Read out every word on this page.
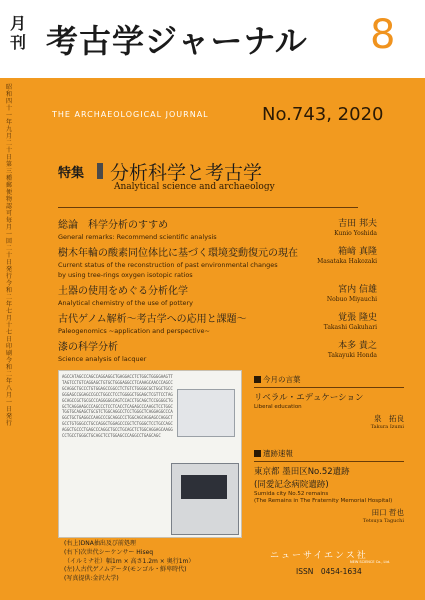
月刊 考古学ジャーナル 8
昭和四十一年九月二十日第三種郵便物認可 毎月一回二十日発行 令和二年七月十七日印刷 令和二年八月一日発行
THE ARCHAEOLOGICAL JOURNAL	No.743, 2020
特集 分析科学と考古学
Analytical science and archaeology
総論　科学分析のすすめ
General remarks: Recommend scientific analysis
吉田 邦夫
Kunio Yoshida
樹木年輪の酸素同位体比に基づく環境変動復元の現在
Current status of the reconstruction of past environmental changes
by using tree-rings oxygen isotopic ratios
箱﨑 真隆
Masataka Hakozaki
土器の使用をめぐる分析化学
Analytical chemistry of the use of pottery
宮内 信雄
Nobuo Miyauchi
古代ゲノム解析～考古学への応用と課題～
Paleogenomics ~application and perspective~
覚張 隆史
Takashi Gakuhari
漆の科学分析
Science analysis of lacquer
本多 貴之
Takayuki Honda
AGCCATAGCCCAGCCAGGAGGCTGAGGACCTCTGGCTGGGGAAGTTTAGTCCTGTCAGGAGCTGTGCTGGGAGGCCTCAAAGCAACCCAGCCGCAGGCTGCCCTGTGGAGCCGGCCTCTGTCTGGGGCGCTGGCTGCCGGGAGCCGGAGCCGCCTGGCCTCCTGGGGCTGGAGCTCGTTCCTAGGCAGCCGCTGCGCCCAGGGGGCAGTCCACCTGCAGCTCCGGGGCTGGCTCAGGAAGCCCAGCCCTCCTCACCTCAGAGCCCAAGCTCCTGGCTGGTGCAGAGCTGCGTCTGGCAGGCCTCCTGGGCTCAGGAGGCCCAGGCTGCTGAGGCCAAGCCCGCAGGCCCTGGCAGCAGGAGCCAGGCTGCCTGTGGGCCTGCCAGGCTGGAGCCCGCTCTGGGCTCCTGCCAGCAGGCTGCCCTGAGCCCAGGCTGCCTGCAGCTCTGGCAGGAGCAAGGCCTGCCTGGGCTGCAGCTCCTGGAGCCCAGGCCTGAGCAGC
(右上)DNA抽出及び前処理
(右下)次世代シーケンサー Hiseq
（イルミナ社）幅1m × 高さ1.2m × 奥行1m）
(左)人古代ゲノムデータ(モンゴル・鮮卑時代)
(写真提供:金沢大学)
今月の言葉
リベラル・エデュケーション
Liberal education
泉　拓良
Takura Izumi
遺跡速報
東京都 墨田区No.52遺跡
(同愛記念病院遺跡)
Sumida city No.52 remains
(The Remains in The Fraternity Memorial Hospital)
田口 哲也
Tetsuya Taguchi
ニューサイエンス社
NEW SCIENCE Co., Ltd.
ISSN　0454-1634
